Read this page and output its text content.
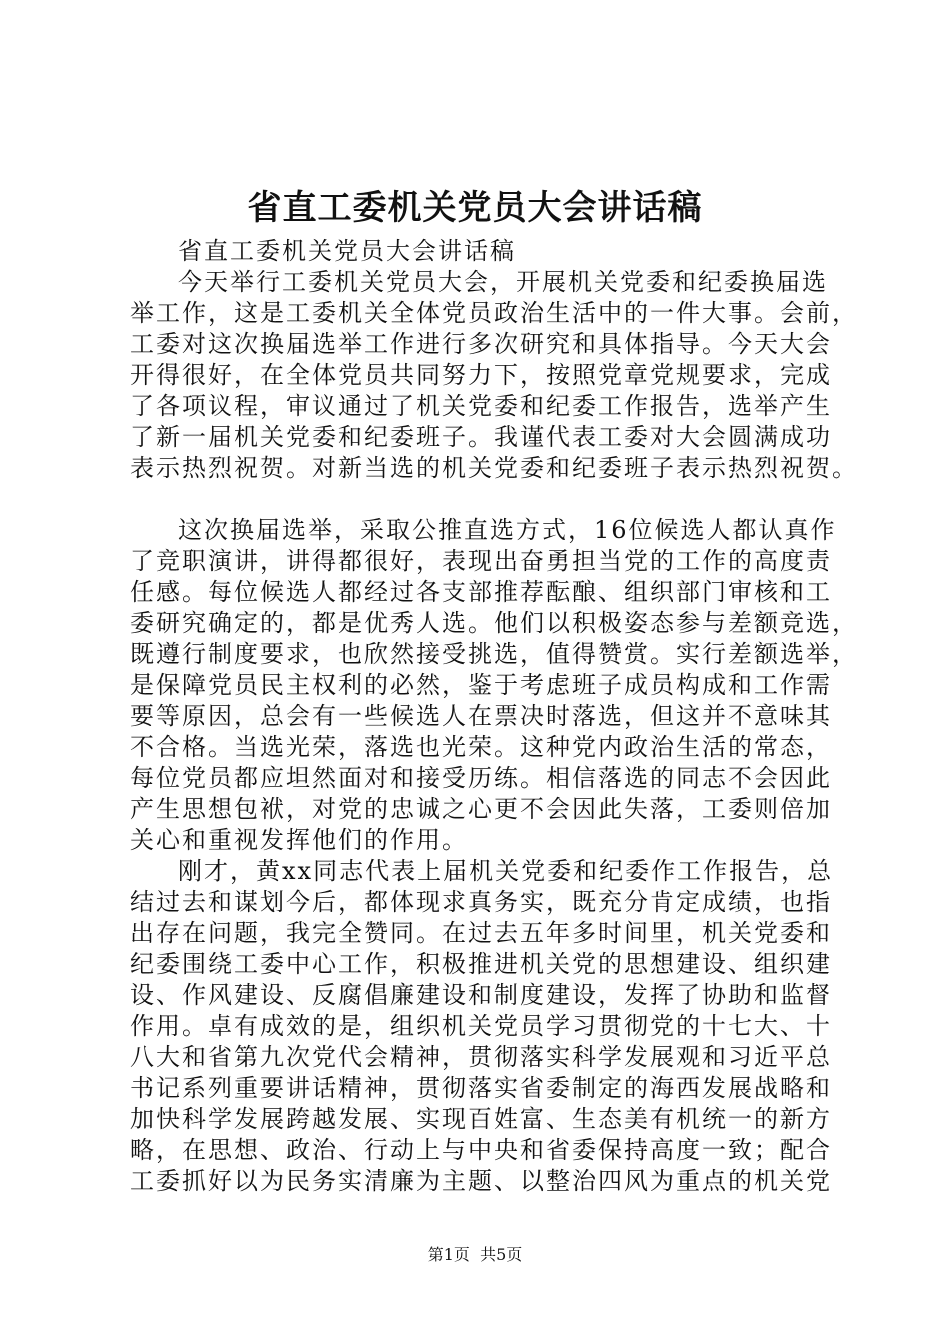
省直工委机关党员大会讲话稿
省直工委机关党员大会讲话稿
今天举行工委机关党员大会，开展机关党委和纪委换届选
举工作，这是工委机关全体党员政治生活中的一件大事。会前，
工委对这次换届选举工作进行多次研究和具体指导。今天大会
开得很好，在全体党员共同努力下，按照党章党规要求，完成
了各项议程，审议通过了机关党委和纪委工作报告，选举产生
了新一届机关党委和纪委班子。我谨代表工委对大会圆满成功
表示热烈祝贺。对新当选的机关党委和纪委班子表示热烈祝贺。
这次换届选举，采取公推直选方式，16位候选人都认真作
了竞职演讲，讲得都很好，表现出奋勇担当党的工作的高度责
任感。每位候选人都经过各支部推荐酝酿、组织部门审核和工
委研究确定的，都是优秀人选。他们以积极姿态参与差额竞选，
既遵行制度要求，也欣然接受挑选，值得赞赏。实行差额选举，
是保障党员民主权利的必然，鉴于考虑班子成员构成和工作需
要等原因，总会有一些候选人在票决时落选，但这并不意味其
不合格。当选光荣，落选也光荣。这种党内政治生活的常态，
每位党员都应坦然面对和接受历练。相信落选的同志不会因此
产生思想包袱，对党的忠诚之心更不会因此失落，工委则倍加
关心和重视发挥他们的作用。
刚才，黄xx同志代表上届机关党委和纪委作工作报告，总
结过去和谋划今后，都体现求真务实，既充分肯定成绩，也指
出存在问题，我完全赞同。在过去五年多时间里，机关党委和
纪委围绕工委中心工作，积极推进机关党的思想建设、组织建
设、作风建设、反腐倡廉建设和制度建设，发挥了协助和监督
作用。卓有成效的是，组织机关党员学习贯彻党的十七大、十
八大和省第九次党代会精神，贯彻落实科学发展观和习近平总
书记系列重要讲话精神，贯彻落实省委制定的海西发展战略和
加快科学发展跨越发展、实现百姓富、生态美有机统一的新方
略，在思想、政治、行动上与中央和省委保持高度一致；配合
工委抓好以为民务实清廉为主题、以整治四风为重点的机关党
第1页 共5页
